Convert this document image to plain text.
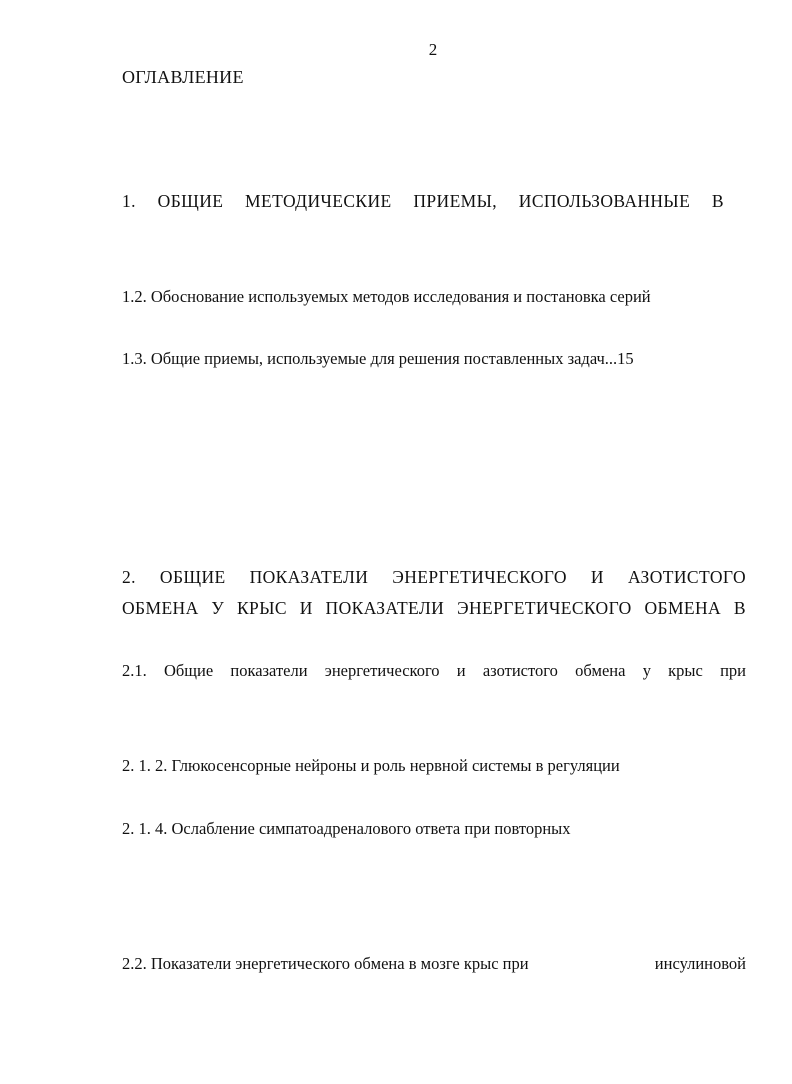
2
ОГЛАВЛЕНИЕ
1. ОБЩИЕ МЕТОДИЧЕСКИЕ ПРИЕМЫ, ИСПОЛЬЗОВАННЫЕ В
1.2. Обоснование используемых методов исследования и постановка серий
1.3. Общие приемы, используемые для решения поставленных задач...15
2. ОБЩИЕ ПОКАЗАТЕЛИ ЭНЕРГЕТИЧЕСКОГО И АЗОТИСТОГО
ОБМЕНА У КРЫС И ПОКАЗАТЕЛИ ЭНЕРГЕТИЧЕСКОГО ОБМЕНА В
2.1. Общие показатели энергетического и азотистого обмена у крыс при
2. 1. 2. Глюкосенсорные нейроны и роль нервной системы в регуляции
2. 1. 4. Ослабление симпатоадреналового ответа при повторных
2.2. Показатели энергетического обмена в мозге крыс при	инсулиновой
